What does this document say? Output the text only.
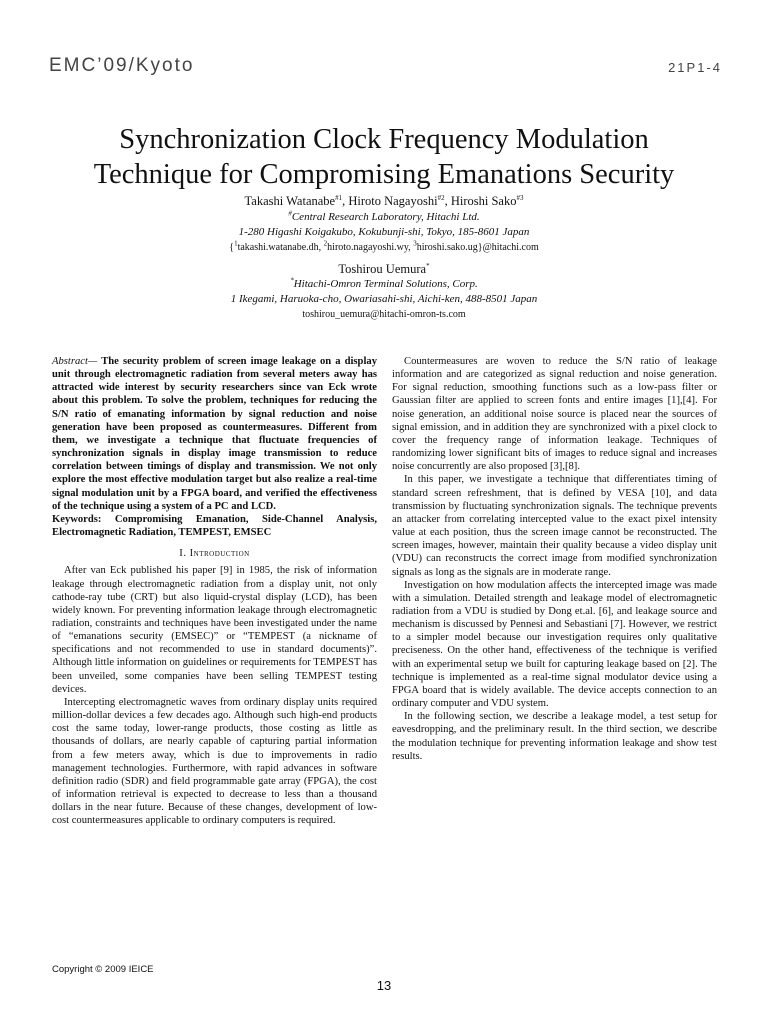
EMC’09/Kyoto	21P1-4
Synchronization Clock Frequency Modulation
Technique for Compromising Emanations Security
Takashi Watanabe$^{\#1}$, Hiroto Nagayoshi$^{\#2}$, Hiroshi Sako$^{\#3}$
#Central Research Laboratory, Hitachi Ltd.
1-280 Higashi Koigakubo, Kokubunji-shi, Tokyo, 185-8601 Japan
{$^1$takashi.watanabe.dh, $^2$hiroto.nagayoshi.wy, $^3$hiroshi.sako.ug}@hitachi.com
Toshirou Uemura*
*Hitachi-Omron Terminal Solutions, Corp.
1 Ikegami, Haruoka-cho, Owariasahi-shi, Aichi-ken, 488-8501 Japan
toshirou_uemura@hitachi-omron-ts.com

Abstract— The security problem of screen image leakage on a display unit through electromagnetic radiation from several meters away has attracted wide interest by security researchers since van Eck wrote about this problem. To solve the problem, techniques for reducing the S/N ratio of emanating information by signal reduction and noise generation have been proposed as countermeasures. Different from them, we investigate a technique that fluctuate frequencies of synchronization signals in display image transmission to reduce correlation between timings of display and transmission. We not only explore the most effective modulation target but also realize a real-time signal modulation unit by a FPGA board, and verified the effectiveness of the technique using a system of a PC and LCD.

Keywords: Compromising Emanation, Side-Channel Analysis, Electromagnetic Radiation, TEMPEST, EMSEC

I. Introduction

After van Eck published his paper [9] in 1985, the risk of information leakage through electromagnetic radiation from a display unit, not only cathode-ray tube (CRT) but also liquid-crystal display (LCD), has been widely known. For preventing information leakage through electromagnetic radiation, constraints and techniques have been investigated under the name of “emanations security (EMSEC)” or “TEMPEST (a nickname of specifications and not recommended to use in standard documents)”. Although little information on guidelines or requirements for TEMPEST has been unveiled, some companies have been selling TEMPEST testing devices.

Intercepting electromagnetic waves from ordinary display units required million-dollar devices a few decades ago. Although such high-end products cost the same today, lower-range products, those costing as little as thousands of dollars, are nearly capable of capturing partial information from a few meters away, which is due to improvements in radio management technologies. Furthermore, with rapid advances in software definition radio (SDR) and field programmable gate array (FPGA), the cost of information retrieval is expected to decrease to less than a thousand dollars in the near future. Because of these changes, development of low-cost countermeasures applicable to ordinary computers is required.

Countermeasures are woven to reduce the S/N ratio of leakage information and are categorized as signal reduction and noise generation. For signal reduction, smoothing functions such as a low-pass filter or Gaussian filter are applied to screen fonts and entire images [1],[4]. For noise generation, an additional noise source is placed near the sources of signal emission, and in addition they are synchronized with a pixel clock to cover the frequency range of information leakage. Techniques of randomizing lower significant bits of images to reduce signal and increases noise concurrently are also proposed [3],[8].

In this paper, we investigate a technique that differentiates timing of standard screen refreshment, that is defined by VESA [10], and data transmission by fluctuating synchronization signals. The technique prevents an attacker from correlating intercepted value to the exact pixel intensity value at each position, thus the screen image cannot be reconstructed. The screen images, however, maintain their quality because a video display unit (VDU) can reconstructs the correct image from modified synchronization signals as long as the signals are in moderate range.

Investigation on how modulation affects the intercepted image was made with a simulation. Detailed strength and leakage model of electromagnetic radiation from a VDU is studied by Dong et.al. [6], and leakage source and mechanism is discussed by Pennesi and Sebastiani [7]. However, we restrict to a simpler model because our investigation requires only qualitative preciseness. On the other hand, effectiveness of the technique is verified with an experimental setup we built for capturing leakage based on [2]. The technique is implemented as a real-time signal modulator device using a FPGA board that is widely available. The device accepts connection to an ordinary computer and VDU system.

In the following section, we describe a leakage model, a test setup for eavesdropping, and the preliminary result. In the third section, we describe the modulation technique for preventing information leakage and show test results.

Copyright © 2009 IEICE
13
